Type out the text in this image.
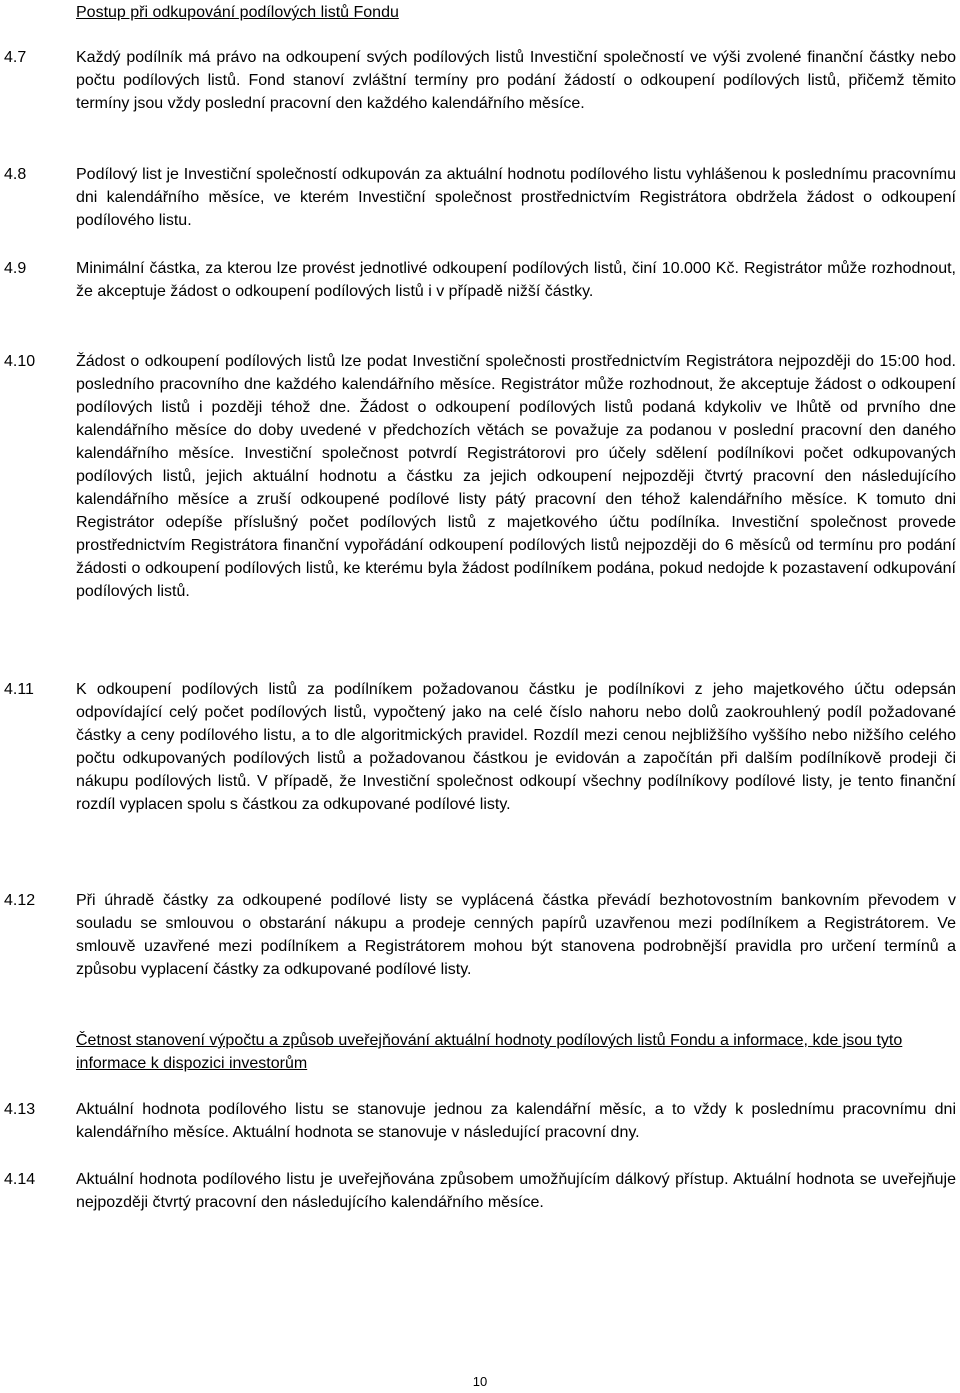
Postup při odkupování podílových listů Fondu

4.7	Každý podílník má právo na odkoupení svých podílových listů Investiční společností ve výši zvolené finanční částky nebo počtu podílových listů. Fond stanoví zvláštní termíny pro podání žádostí o odkoupení podílových listů, přičemž těmito termíny jsou vždy poslední pracovní den každého kalendářního měsíce.

4.8	Podílový list je Investiční společností odkupován za aktuální hodnotu podílového listu vyhlášenou k poslednímu pracovnímu dni kalendářního měsíce, ve kterém Investiční společnost prostřednictvím Registrátora obdržela žádost o odkoupení podílového listu.

4.9	Minimální částka, za kterou lze provést jednotlivé odkoupení podílových listů, činí 10.000 Kč. Registrátor může rozhodnout, že akceptuje žádost o odkoupení podílových listů i v případě nižší částky.

4.10	Žádost o odkoupení podílových listů lze podat Investiční společnosti prostřednictvím Registrátora nejpozději do 15:00 hod. posledního pracovního dne každého kalendářního měsíce. Registrátor může rozhodnout, že akceptuje žádost o odkoupení podílových listů i později téhož dne. Žádost o odkoupení podílových listů podaná kdykoliv ve lhůtě od prvního dne kalendářního měsíce do doby uvedené v předchozích větách se považuje za podanou v poslední pracovní den daného kalendářního měsíce. Investiční společnost potvrdí Registrátorovi pro účely sdělení podílníkovi počet odkupovaných podílových listů, jejich aktuální hodnotu a částku za jejich odkoupení nejpozději čtvrtý pracovní den následujícího kalendářního měsíce a zruší odkoupené podílové listy pátý pracovní den téhož kalendářního měsíce. K tomuto dni Registrátor odepíše příslušný počet podílových listů z majetkového účtu podílníka. Investiční společnost provede prostřednictvím Registrátora finanční vypořádání odkoupení podílových listů nejpozději do 6 měsíců od termínu pro podání žádosti o odkoupení podílových listů, ke kterému byla žádost podílníkem podána, pokud nedojde k pozastavení odkupování podílových listů.

4.11	K odkoupení podílových listů za podílníkem požadovanou částku je podílníkovi z jeho majetkového účtu odepsán odpovídající celý počet podílových listů, vypočtený jako na celé číslo nahoru nebo dolů zaokrouhlený podíl požadované částky a ceny podílového listu, a to dle algoritmických pravidel. Rozdíl mezi cenou nejbližšího vyššího nebo nižšího celého počtu odkupovaných podílových listů a požadovanou částkou je evidován a započítán při dalším podílníkově prodeji či nákupu podílových listů. V případě, že Investiční společnost odkoupí všechny podílníkovy podílové listy, je tento finanční rozdíl vyplacen spolu s částkou za odkupované podílové listy.

4.12	Při úhradě částky za odkoupené podílové listy se vyplácená částka převádí bezhotovostním bankovním převodem v souladu se smlouvou o obstarání nákupu a prodeje cenných papírů uzavřenou mezi podílníkem a Registrátorem. Ve smlouvě uzavřené mezi podílníkem a Registrátorem mohou být stanovena podrobnější pravidla pro určení termínů a způsobu vyplacení částky za odkupované podílové listy.

Četnost stanovení výpočtu a způsob uveřejňování aktuální hodnoty podílových listů Fondu a informace, kde jsou tyto informace k dispozici investorům

4.13	Aktuální hodnota podílového listu se stanovuje jednou za kalendářní měsíc, a to vždy k poslednímu pracovnímu dni kalendářního měsíce. Aktuální hodnota se stanovuje v následující pracovní dny.

4.14	Aktuální hodnota podílového listu je uveřejňována způsobem umožňujícím dálkový přístup. Aktuální hodnota se uveřejňuje nejpozději čtvrtý pracovní den následujícího kalendářního měsíce.

10
